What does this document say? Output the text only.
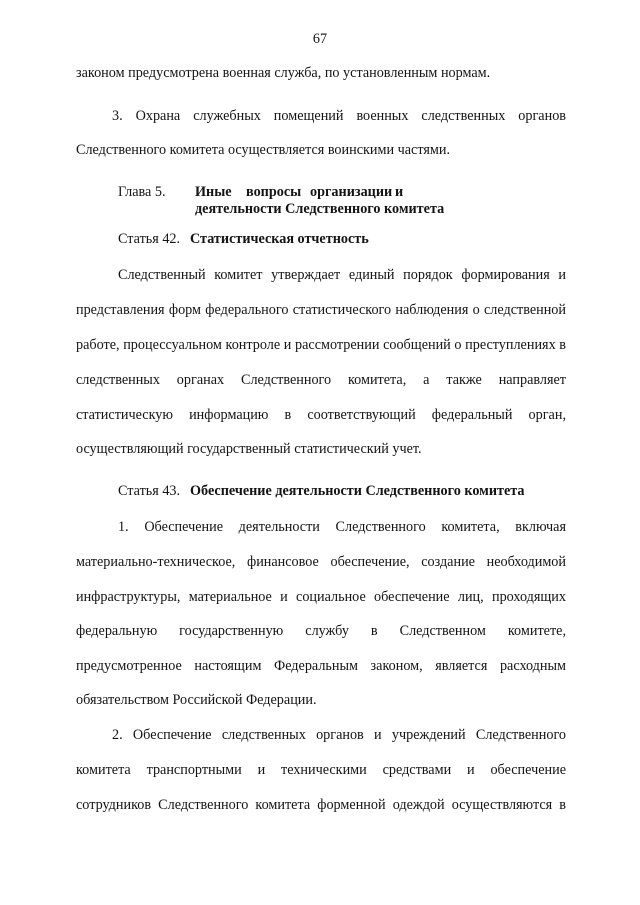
67
законом предусмотрена военная служба, по установленным нормам.
3. Охрана служебных помещений военных следственных органов
Следственного комитета осуществляется воинскими частями.
Глава 5. Иные вопросы организации и
деятельности Следственного комитета
Статья 42. Статистическая отчетность
Следственный комитет утверждает единый порядок формирования и
представления форм федерального статистического наблюдения о следственной
работе, процессуальном контроле и рассмотрении сообщений о преступлениях в
следственных органах Следственного комитета, а также направляет
статистическую информацию в соответствующий федеральный орган,
осуществляющий государственный статистический учет.
Статья 43. Обеспечение деятельности Следственного комитета
1. Обеспечение деятельности Следственного комитета, включая
материально-техническое, финансовое обеспечение, создание необходимой
инфраструктуры, материальное и социальное обеспечение лиц, проходящих
федеральную государственную службу в Следственном комитете,
предусмотренное настоящим Федеральным законом, является расходным
обязательством Российской Федерации.
2. Обеспечение следственных органов и учреждений Следственного
комитета транспортными и техническими средствами и обеспечение
сотрудников Следственного комитета форменной одеждой осуществляются в
